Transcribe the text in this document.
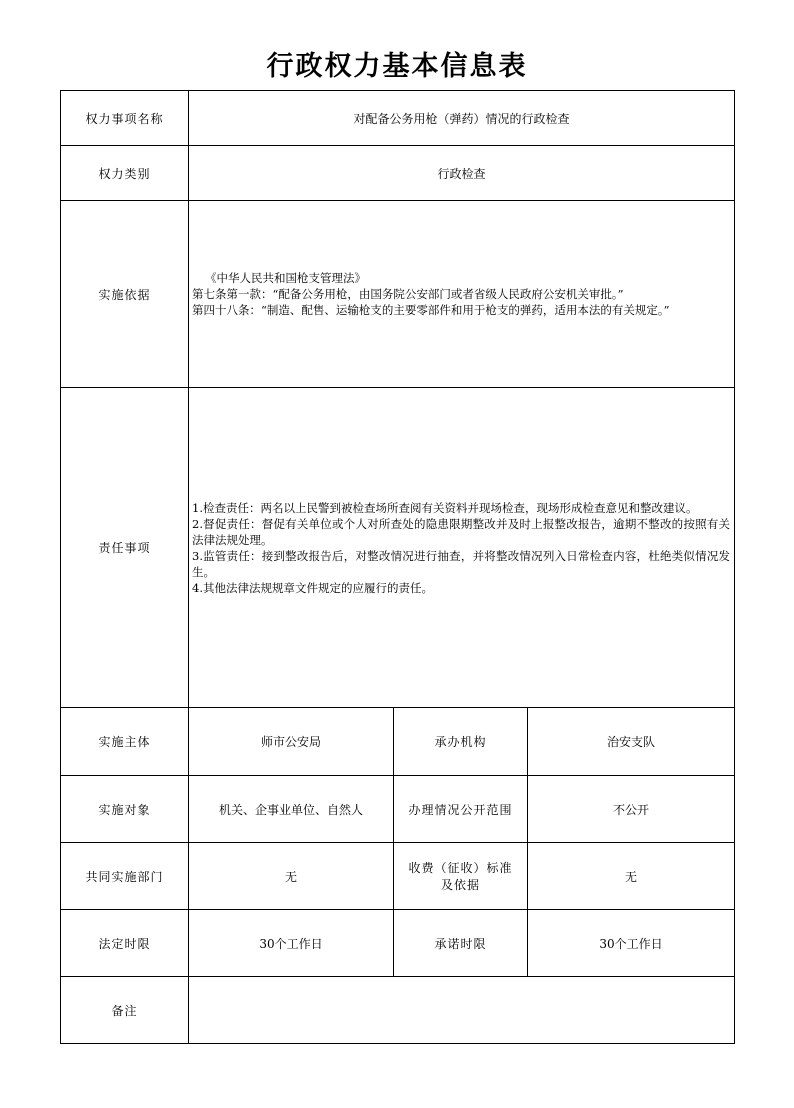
行政权力基本信息表
权力事项名称	对配备公务用枪（弹药）情况的行政检查		
权力类别	行政检查		
实施依据	《中华人民共和国枪支管理法》
第七条第一款：“配备公务用枪，由国务院公安部门或者省级人民政府公安机关审批。”
第四十八条：“制造、配售、运输枪支的主要零部件和用于枪支的弹药，适用本法的有关规定。”		

责任事项	1.检查责任：两名以上民警到被检查场所查阅有关资料并现场检查，现场形成检查意见和整改建议。
2.督促责任：督促有关单位或个人对所查处的隐患限期整改并及时上报整改报告，逾期不整改的按照有关法律法规处理。
3.监管责任：接到整改报告后，对整改情况进行抽查，并将整改情况列入日常检查内容，杜绝类似情况发生。
4.其他法律法规规章文件规定的应履行的责任。		

实施主体	师市公安局	承办机构	治安支队
实施对象	机关、企事业单位、自然人	办理情况公开范围	不公开
共同实施部门	无	收费（征收）标准及依据	无
法定时限	30个工作日	承诺时限	30个工作日
备注			
